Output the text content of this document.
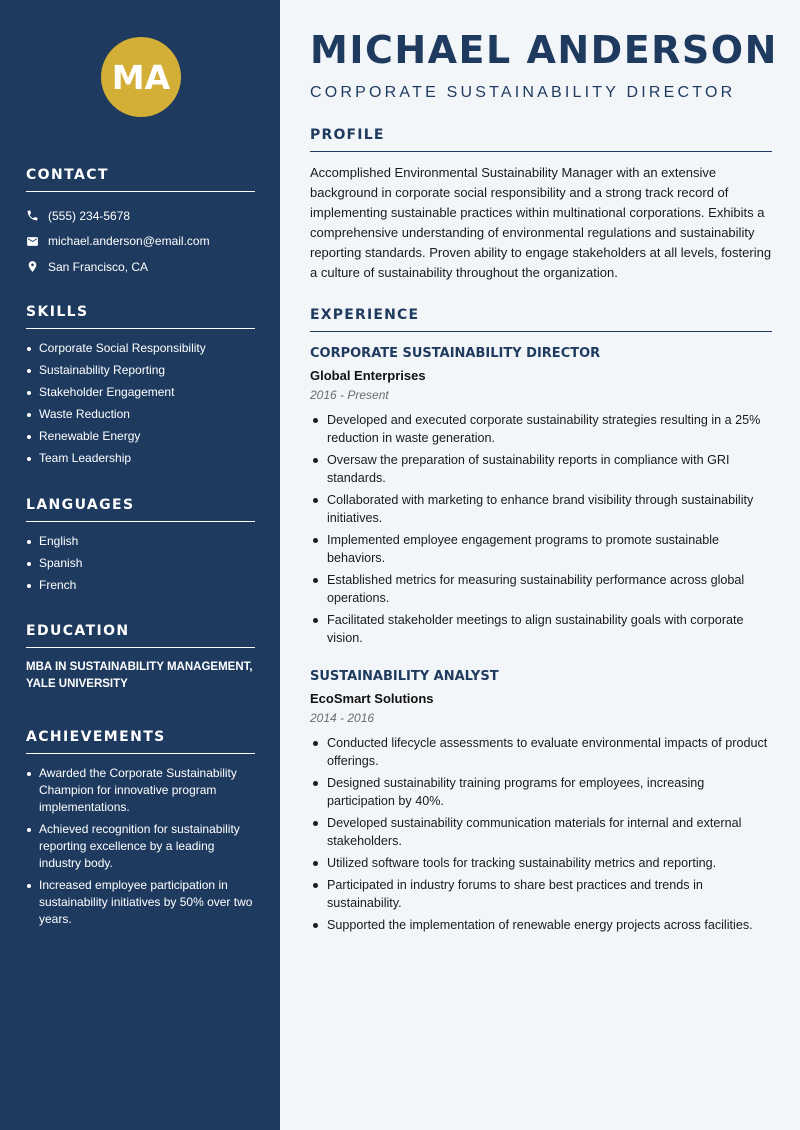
MA
CONTACT
(555) 234-5678
michael.anderson@email.com
San Francisco, CA
SKILLS
Corporate Social Responsibility
Sustainability Reporting
Stakeholder Engagement
Waste Reduction
Renewable Energy
Team Leadership
LANGUAGES
English
Spanish
French
EDUCATION
MBA IN SUSTAINABILITY MANAGEMENT, YALE UNIVERSITY
ACHIEVEMENTS
Awarded the Corporate Sustainability Champion for innovative program implementations.
Achieved recognition for sustainability reporting excellence by a leading industry body.
Increased employee participation in sustainability initiatives by 50% over two years.
MICHAEL ANDERSON
CORPORATE SUSTAINABILITY DIRECTOR
PROFILE

Accomplished Environmental Sustainability Manager with an extensive background in corporate social responsibility and a strong track record of implementing sustainable practices within multinational corporations. Exhibits a comprehensive understanding of environmental regulations and sustainability reporting standards. Proven ability to engage stakeholders at all levels, fostering a culture of sustainability throughout the organization.

EXPERIENCE
CORPORATE SUSTAINABILITY DIRECTOR
Global Enterprises
2016 - Present
Developed and executed corporate sustainability strategies resulting in a 25% reduction in waste generation.
Oversaw the preparation of sustainability reports in compliance with GRI standards.
Collaborated with marketing to enhance brand visibility through sustainability initiatives.
Implemented employee engagement programs to promote sustainable behaviors.
Established metrics for measuring sustainability performance across global operations.
Facilitated stakeholder meetings to align sustainability goals with corporate vision.
SUSTAINABILITY ANALYST
EcoSmart Solutions
2014 - 2016
Conducted lifecycle assessments to evaluate environmental impacts of product offerings.
Designed sustainability training programs for employees, increasing participation by 40%.
Developed sustainability communication materials for internal and external stakeholders.
Utilized software tools for tracking sustainability metrics and reporting.
Participated in industry forums to share best practices and trends in sustainability.
Supported the implementation of renewable energy projects across facilities.
